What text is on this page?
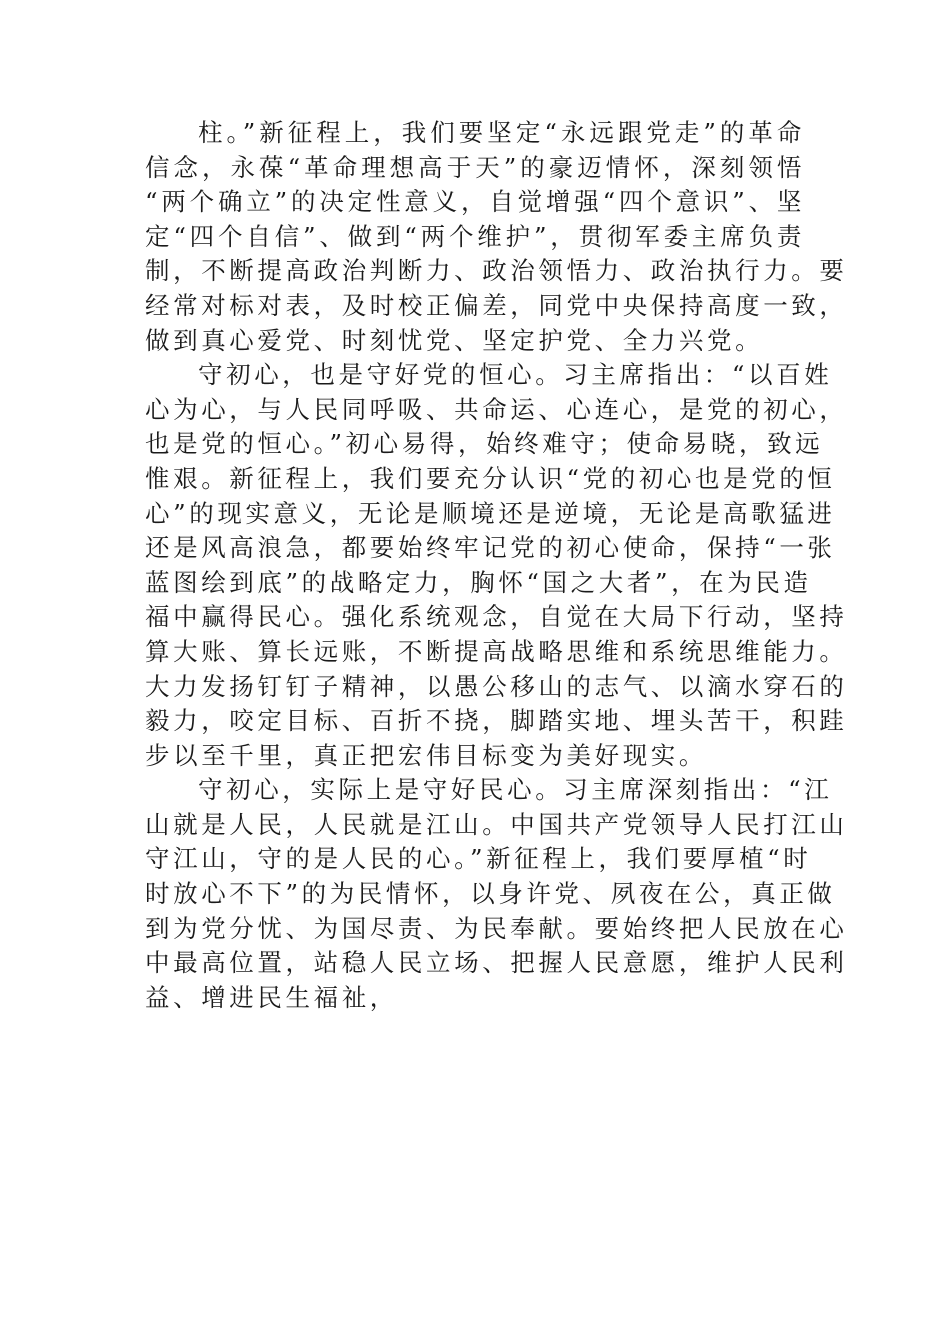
柱。”新征程上，我们要坚定“永远跟党走”的革命
信念，永葆“革命理想高于天”的豪迈情怀，深刻领悟
“两个确立”的决定性意义，自觉增强“四个意识”、坚
定“四个自信”、做到“两个维护”，贯彻军委主席负责
制，不断提高政治判断力、政治领悟力、政治执行力。要
经常对标对表，及时校正偏差，同党中央保持高度一致，
做到真心爱党、时刻忧党、坚定护党、全力兴党。
守初心，也是守好党的恒心。习主席指出：“以百姓
心为心，与人民同呼吸、共命运、心连心，是党的初心，
也是党的恒心。”初心易得，始终难守；使命易晓，致远
惟艰。新征程上，我们要充分认识“党的初心也是党的恒
心”的现实意义，无论是顺境还是逆境，无论是高歌猛进
还是风高浪急，都要始终牢记党的初心使命，保持“一张
蓝图绘到底”的战略定力，胸怀“国之大者”，在为民造
福中赢得民心。强化系统观念，自觉在大局下行动，坚持
算大账、算长远账，不断提高战略思维和系统思维能力。
大力发扬钉钉子精神，以愚公移山的志气、以滴水穿石的
毅力，咬定目标、百折不挠，脚踏实地、埋头苦干，积跬
步以至千里，真正把宏伟目标变为美好现实。
守初心，实际上是守好民心。习主席深刻指出：“江
山就是人民，人民就是江山。中国共产党领导人民打江山
守江山，守的是人民的心。”新征程上，我们要厚植“时
时放心不下”的为民情怀，以身许党、夙夜在公，真正做
到为党分忧、为国尽责、为民奉献。要始终把人民放在心
中最高位置，站稳人民立场、把握人民意愿，维护人民利
益、增进民生福祉，
